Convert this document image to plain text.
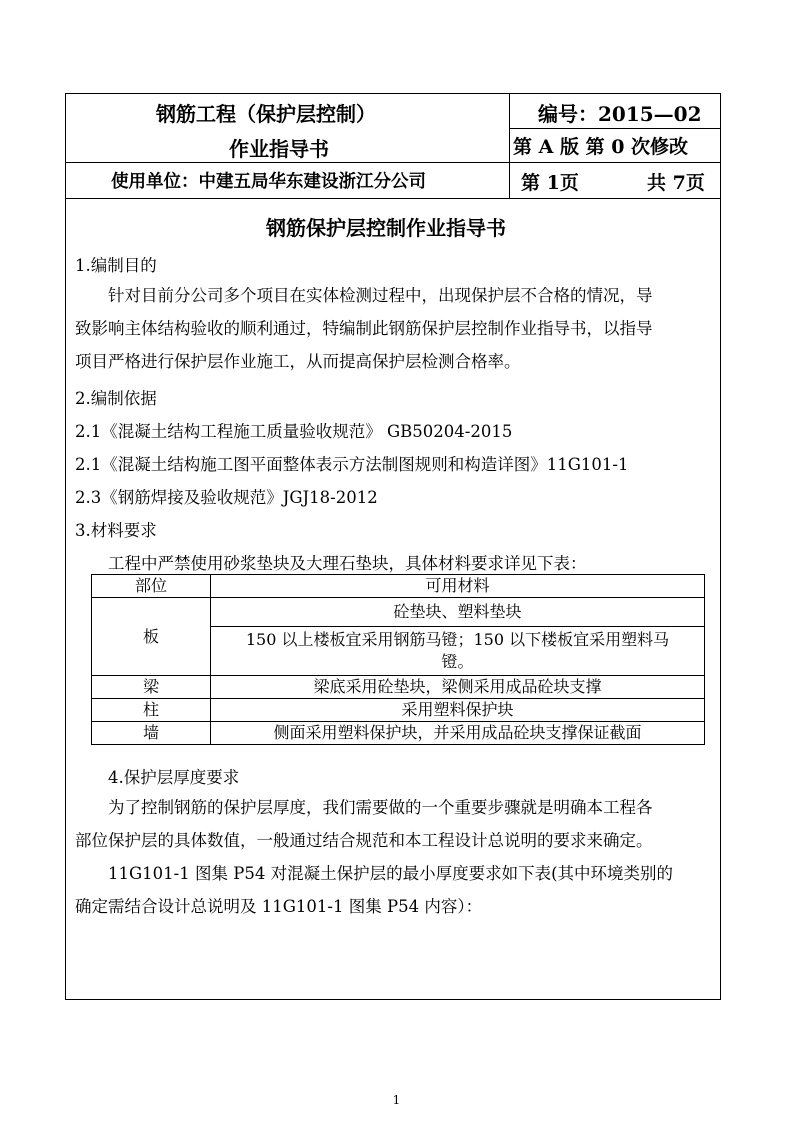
钢筋工程（保护层控制）
作业指导书
编号：2015—02
第 A 版 第 0 次修改
使用单位：中建五局华东建设浙江分公司	第 1页	共 7页
钢筋保护层控制作业指导书
1.编制目的
针对目前分公司多个项目在实体检测过程中，出现保护层不合格的情况，导
致影响主体结构验收的顺利通过，特编制此钢筋保护层控制作业指导书，以指导
项目严格进行保护层作业施工，从而提高保护层检测合格率。
2.编制依据
2.1《混凝土结构工程施工质量验收规范》 GB50204-2015
2.1《混凝土结构施工图平面整体表示方法制图规则和构造详图》11G101-1
2.3《钢筋焊接及验收规范》JGJ18-2012
3.材料要求
工程中严禁使用砂浆垫块及大理石垫块，具体材料要求详见下表：
部位	可用材料
板	砼垫块、塑料垫块

	150 以上楼板宜采用钢筋马镫；150 以下楼板宜采用塑料马
镫。

梁	梁底采用砼垫块，梁侧采用成品砼块支撑
柱	采用塑料保护块
墙	侧面采用塑料保护块，并采用成品砼块支撑保证截面
4.保护层厚度要求
为了控制钢筋的保护层厚度，我们需要做的一个重要步骤就是明确本工程各
部位保护层的具体数值，一般通过结合规范和本工程设计总说明的要求来确定。
11G101-1 图集 P54 对混凝土保护层的最小厚度要求如下表(其中环境类别的
确定需结合设计总说明及 11G101-1 图集 P54 内容）：
1
